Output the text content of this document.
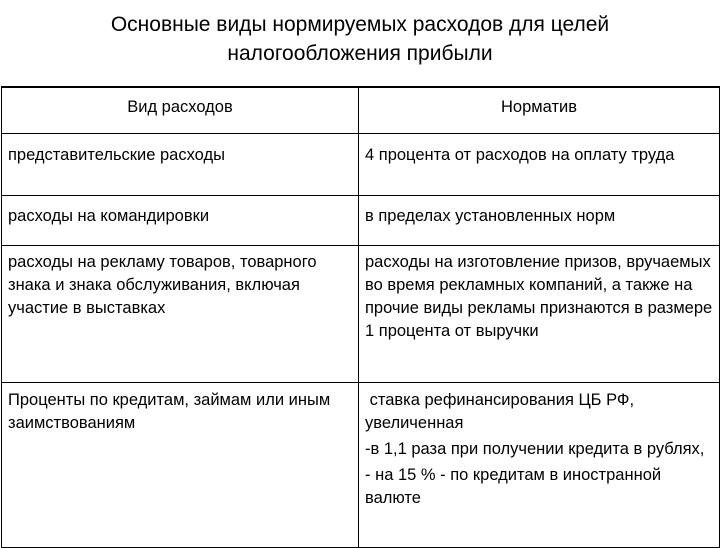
Основные виды нормируемых расходов для целей
налогообложения прибыли
Вид расходов	Норматив
представительские расходы	4 процента от расходов на оплату труда
расходы на командировки	в пределах установленных норм
расходы на рекламу товаров, товарного знака и знака обслуживания, включая участие в выставках	расходы на изготовление призов, вручаемых во время рекламных компаний, а также на прочие виды рекламы признаются в размере 1 процента от выручки
Проценты по кредитам, займам или иным заимствованиям	ставка рефинансирования ЦБ РФ, увеличенная
-в 1,1 раза при получении кредита в рублях,
- на 15 % - по кредитам в иностранной валюте
